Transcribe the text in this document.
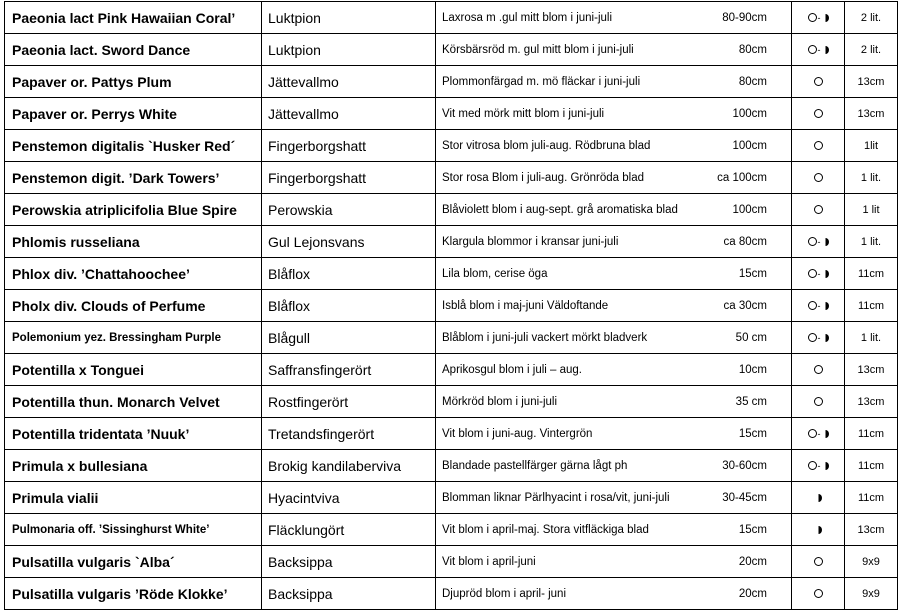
Paeonia lact Pink Hawaiian Coral’	Luktpion	Laxrosa m .gul mitt blom i juni-juli 80-90cm	-	2 lit.
Paeonia lact. Sword Dance	Luktpion	Körsbärsröd m. gul mitt blom i juni-juli 80cm	-	2 lit.
Papaver or. Pattys Plum	Jättevallmo	Plommonfärgad m. mö fläckar i juni-juli 80cm		13cm
Papaver or. Perrys White	Jättevallmo	Vit med mörk mitt blom i juni-juli 100cm		13cm
Penstemon digitalis `Husker Red´	Fingerborgshatt	Stor vitrosa blom juli-aug. Rödbruna blad 100cm		1lit
Penstemon digit. ’Dark Towers’	Fingerborgshatt	Stor rosa Blom i juli-aug. Grönröda blad ca 100cm		1 lit.
Perowskia atriplicifolia Blue Spire	Perowskia	Blåviolett blom i aug-sept. grå aromatiska blad 100cm		1 lit
Phlomis russeliana	Gul Lejonsvans	Klargula blommor i kransar juni-juli ca 80cm	-	1 lit.
Phlox div. ’Chattahoochee’	Blåflox	Lila blom, cerise öga 15cm	-	11cm
Pholx div. Clouds of Perfume	Blåflox	Isblå blom i maj-juni Väldoftande ca 30cm	-	11cm
Polemonium yez. Bressingham Purple	Blågull	Blåblom i juni-juli vackert mörkt bladverk 50 cm	-	1 lit.
Potentilla x Tonguei	Saffransfingerört	Aprikosgul blom i juli – aug. 10cm		13cm
Potentilla thun. Monarch Velvet	Rostfingerört	Mörkröd blom i juni-juli 35 cm		13cm
Potentilla tridentata ’Nuuk’	Tretandsfingerört	Vit blom i juni-aug. Vintergrön 15cm	-	11cm
Primula x bullesiana	Brokig kandilaberviva	Blandade pastellfärger gärna lågt ph 30-60cm	-	11cm
Primula vialii	Hyacintviva	Blomman liknar Pärlhyacint i rosa/vit, juni-juli 30-45cm		11cm
Pulmonaria off. ’Sissinghurst White’	Fläcklungört	Vit blom i april-maj. Stora vitfläckiga blad 15cm		13cm
Pulsatilla vulgaris `Alba´	Backsippa	Vit blom i april-juni 20cm		9x9
Pulsatilla vulgaris ’Röde Klokke’	Backsippa	Djupröd blom i april- juni 20cm		9x9
